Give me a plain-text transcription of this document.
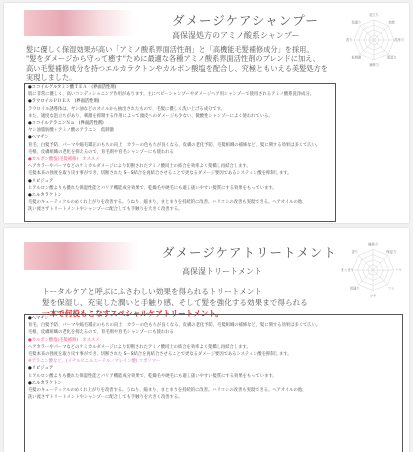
ダメージケアシャンプー
高保湿処方のアミノ酸系シャンプー
泡立ち
泡質
洗浄力
保湿力
補修力
低刺激
香り
指通り
髪に優しく保湿効果が高い「アミノ酸系界面活性剤」と「高機能毛髪補修成分」を採用。
"髪をダメージから守って癒す"ために最適な各種アミノ酸系界面活性剤のブレンドに加え、
高い毛髪補修成分を持つエルカラクトンやカルボン酸塩を配合し、究極ともいえる美髪処方を
実現しました。
●ココイルグルタミン酸ＴＥＡ　(界面活性剤)
肌に非常に優しく、高いコンディショニング作用があります。主にベビーシャンプーやダメージヘア用シャンプーで使用されるアミノ酸系洗浄成分。
●ラウロイルＰＤＥＡ　(界面活性剤)
ラウロイル誘導体は、ヤシ油などのオイルから抽出されたもので、毛髪に優しく洗い上げる成分です。
また、適度な泡立ちがあり、刺激を抑制する作用によって頭皮へのダメージも少ない、微酸性シャンプーによく使われている。
●ココイルアラニンＮａ　(界面活性剤)
ヤシ油脂肪酸＋アミノ酸のアラニン　低刺激
●ヘマチン
育毛、白髪予防、パーマや縮毛矯正のもちの向上　カラーの色もちが良くなる、皮膚の老化予防、毛髪組織の補修など、髪に関する効果は多くて広い。
毛根、皮膚組織の老化を抑えるので、育毛剤や育毛シャンプーにも使われる
●カルボン酸塩(毛髪補修)　オススメ
ヘアカラーやパーマなどのケミカルダメージにより切断されたアミノ酸同士の結合を効率よく架橋し再結合します。
毛髪本来の強度を取り戻す事ができ、切断された S－S結合を再結合させることで更なるダメージ要因であるシスティン酸を抑制します。
●リピジュア
ヒアルロン酸よりも優れた保湿性能とバリア機能成分効果で、乾燥毛や硬毛にも適し扱いやすい髪質にする効果をもっています。
●エルカラクトン
毛髪のキューティクルのめくれ上がりを改善する。うねり、縮まり、まとまりを持続的に改善。ハリコシの改善も実現できる。ヘアオイルの他、
洗い流さずトリートメントやシャンプーに配合しても手触りを大きく改善する。
ダメージケアトリートメント
高保湿トリートメント
補修力
保湿力
ハリ
コシ
ツヤ
指通り
まとまり
香り
トータルケアと呼ぶにふさわしい効果を得られるトリートメント
髪を保湿し、充実した潤いと手触り感、そして髪を強化する効果まで得られる
一本で何役もこなすスペシャルケアトリートメント。
●ヘマチン
育毛、白髪予防、パーマや縮毛矯正のもちの向上　カラーの色もちが良くなる、皮膚の老化予防、毛髪組織の補修など、髪に関する効果は多くて広い。
毛根、皮膚組織の老化を抑えるので、育毛剤や育毛シャンプーにも使われる
●カルボン酸塩(毛髪補修)　オススメ
ヘアカラーやパーマなどのケミカルダメージにより切断されたアミノ酸同士の結合を効率よく架橋し再結合します。
毛髪本来の強度を取り戻す事ができ、切断された S－S結合を再結合させることで更なるダメージ要因であるシスティン酸を抑制します。
※アラニン酸など、(メチルビニルエーテル／マレイン酸) コポリマー
●リピジュア
ヒアルロン酸よりも優れた保湿性能とバリア機能成分効果で、乾燥毛や硬毛にも適し扱いやすい髪質にする効果をもっています。
●エルカラクトン
毛髪のキューティクルのめくれ上がりを改善する。うねり、縮まり、まとまりを持続的に改善。ハリコシの改善も実現できる。ヘアオイルの他、
洗い流さずトリートメントやシャンプーに配合しても手触りを大きく改善する。
